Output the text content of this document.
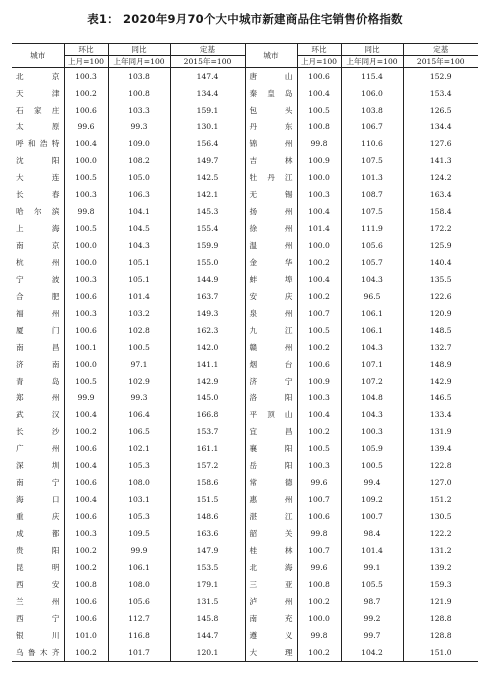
表1： 2020年9月70个大中城市新建商品住宅销售价格指数
城市	环比	同比	定基	城市	环比	同比	定基
	上月=100	上年同月=100	2015年=100		上月=100	上年同月=100	2015年=100
北　　京	100.3	103.8	147.4	唐　　山	100.6	115.4	152.9
天　　津	100.2	100.8	134.4	秦 皇 岛	100.4	106.0	153.4
石 家 庄	100.6	103.3	159.1	包　　头	100.5	103.8	126.5
太　　原	99.6	99.3	130.1	丹　　东	100.8	106.7	134.4
呼和浩特	100.4	109.0	156.4	锦　　州	99.8	110.6	127.6
沈　　阳	100.0	108.2	149.7	吉　　林	100.9	107.5	141.3
大　　连	100.5	105.0	142.5	牡 丹 江	100.0	101.3	124.2
长　　春	100.3	106.3	142.1	无　　锡	100.3	108.7	163.4
哈 尔 滨	99.8	104.1	145.3	扬　　州	100.4	107.5	158.4
上　　海	100.5	104.5	155.4	徐　　州	101.4	111.9	172.2
南　　京	100.0	104.3	159.9	温　　州	100.0	105.6	125.9
杭　　州	100.0	105.1	155.0	金　　华	100.2	105.7	140.4
宁　　波	100.3	105.1	144.9	蚌　　埠	100.4	104.3	135.5
合　　肥	100.6	101.4	163.7	安　　庆	100.2	96.5	122.6
福　　州	100.3	103.2	149.3	泉　　州	100.7	106.1	120.9
厦　　门	100.6	102.8	162.3	九　　江	100.5	106.1	148.5
南　　昌	100.1	100.5	142.0	赣　　州	100.2	104.3	132.7
济　　南	100.0	97.1	141.1	烟　　台	100.6	107.1	148.9
青　　岛	100.5	102.9	142.9	济　　宁	100.9	107.2	142.9
郑　　州	99.9	99.3	145.0	洛　　阳	100.3	104.8	146.5
武　　汉	100.4	106.4	166.8	平 顶 山	100.4	104.3	133.4
长　　沙	100.2	106.5	153.7	宜　　昌	100.2	100.3	131.9
广　　州	100.6	102.1	161.1	襄　　阳	100.5	105.9	139.4
深　　圳	100.4	105.3	157.2	岳　　阳	100.3	100.5	122.8
南　　宁	100.6	108.0	158.6	常　　德	99.6	99.4	127.0
海　　口	100.4	103.1	151.5	惠　　州	100.7	109.2	151.2
重　　庆	100.6	105.3	148.6	湛　　江	100.6	100.7	130.5
成　　都	100.3	109.5	163.6	韶　　关	99.8	98.4	122.2
贵　　阳	100.2	99.9	147.9	桂　　林	100.7	101.4	131.2
昆　　明	100.2	106.1	153.5	北　　海	99.6	99.1	139.2
西　　安	100.8	108.0	179.1	三　　亚	100.8	105.5	159.3
兰　　州	100.6	105.6	131.5	泸　　州	100.2	98.7	121.9
西　　宁	100.6	112.7	145.8	南　　充	100.0	99.2	128.8
银　　川	101.0	116.8	144.7	遵　　义	99.8	99.7	128.8
乌鲁木齐	100.2	101.7	120.1	大　　理	100.2	104.2	151.0
